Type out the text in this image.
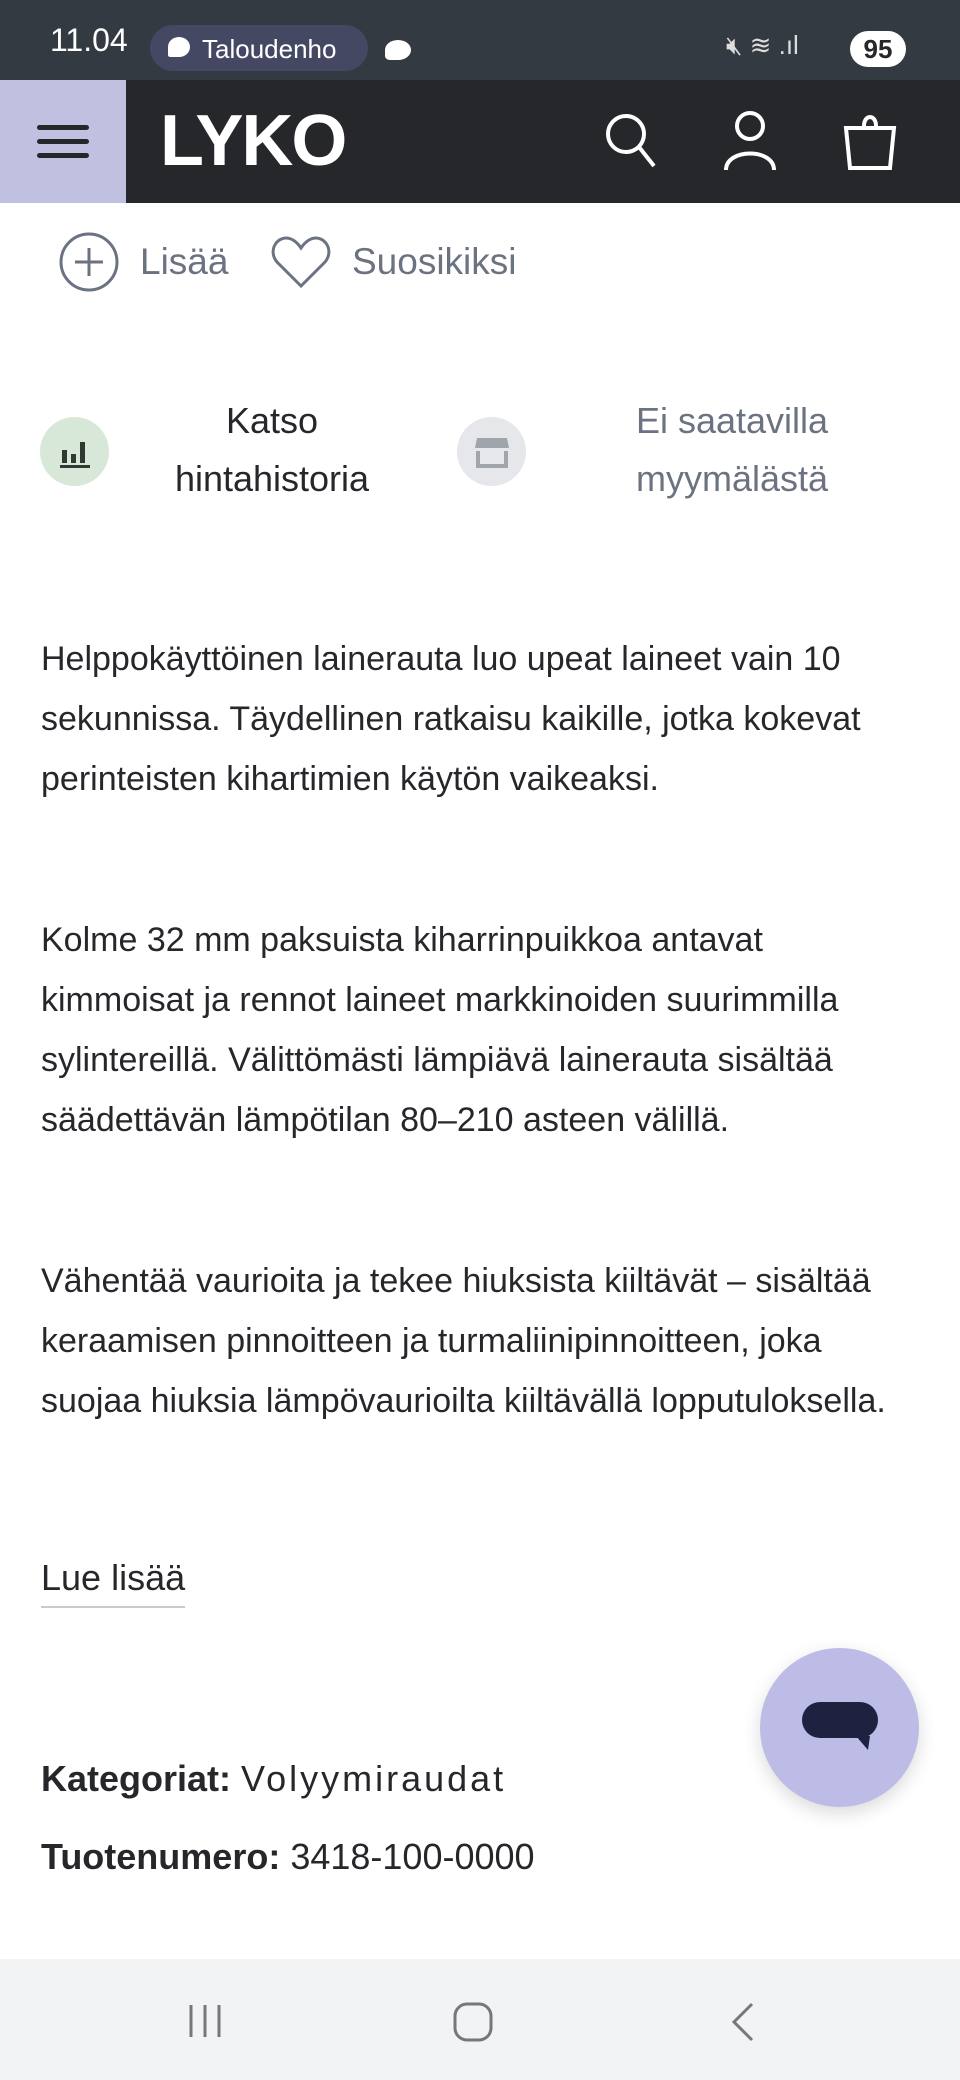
11.04	Taloudenho	🔇︎ ≋ .ıl	95
LYKO
Lisää	Suosikiksi
Katso
hintahistoria
Ei saatavilla
myymälästä

Helppokäyttöinen lainerauta luo upeat laineet vain 10 sekunnissa. Täydellinen ratkaisu kaikille, jotka kokevat perinteisten kihartimien käytön vaikeaksi.

Kolme 32 mm paksuista kiharrinpuikkoa antavat kimmoisat ja rennot laineet markkinoiden suurimmilla sylintereillä. Välittömästi lämpiävä lainerauta sisältää säädettävän lämpötilan 80–210 asteen välillä.

Vähentää vaurioita ja tekee hiuksista kiiltävät – sisältää keraamisen pinnoitteen ja turmaliinipinnoitteen, joka suojaa hiuksia lämpövaurioilta kiiltävällä lopputuloksella.

Lue lisää
Kategoriat: Volyymiraudat
Tuotenumero: 3418-100-0000
